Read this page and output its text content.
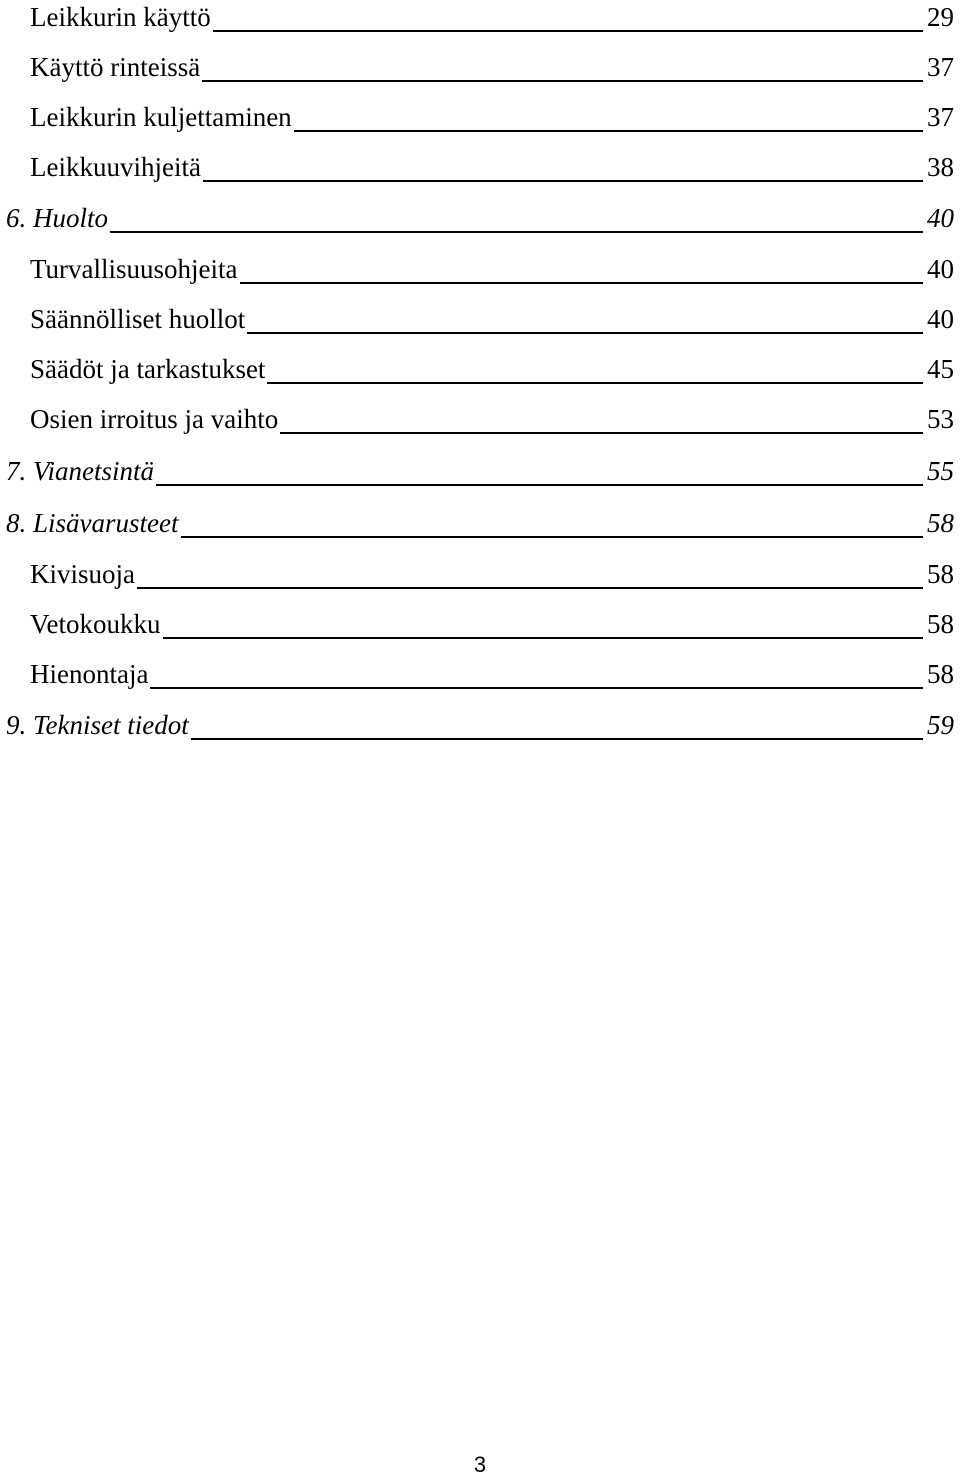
Leikkurin käyttö	29
Käyttö rinteissä	37
Leikkurin kuljettaminen	37
Leikkuuvihjeitä	38
6. Huolto	40
Turvallisuusohjeita	40
Säännölliset huollot	40
Säädöt ja tarkastukset	45
Osien irroitus ja vaihto	53
7. Vianetsintä	55
8. Lisävarusteet	58
Kivisuoja	58
Vetokoukku	58
Hienontaja	58
9. Tekniset tiedot	59
3
